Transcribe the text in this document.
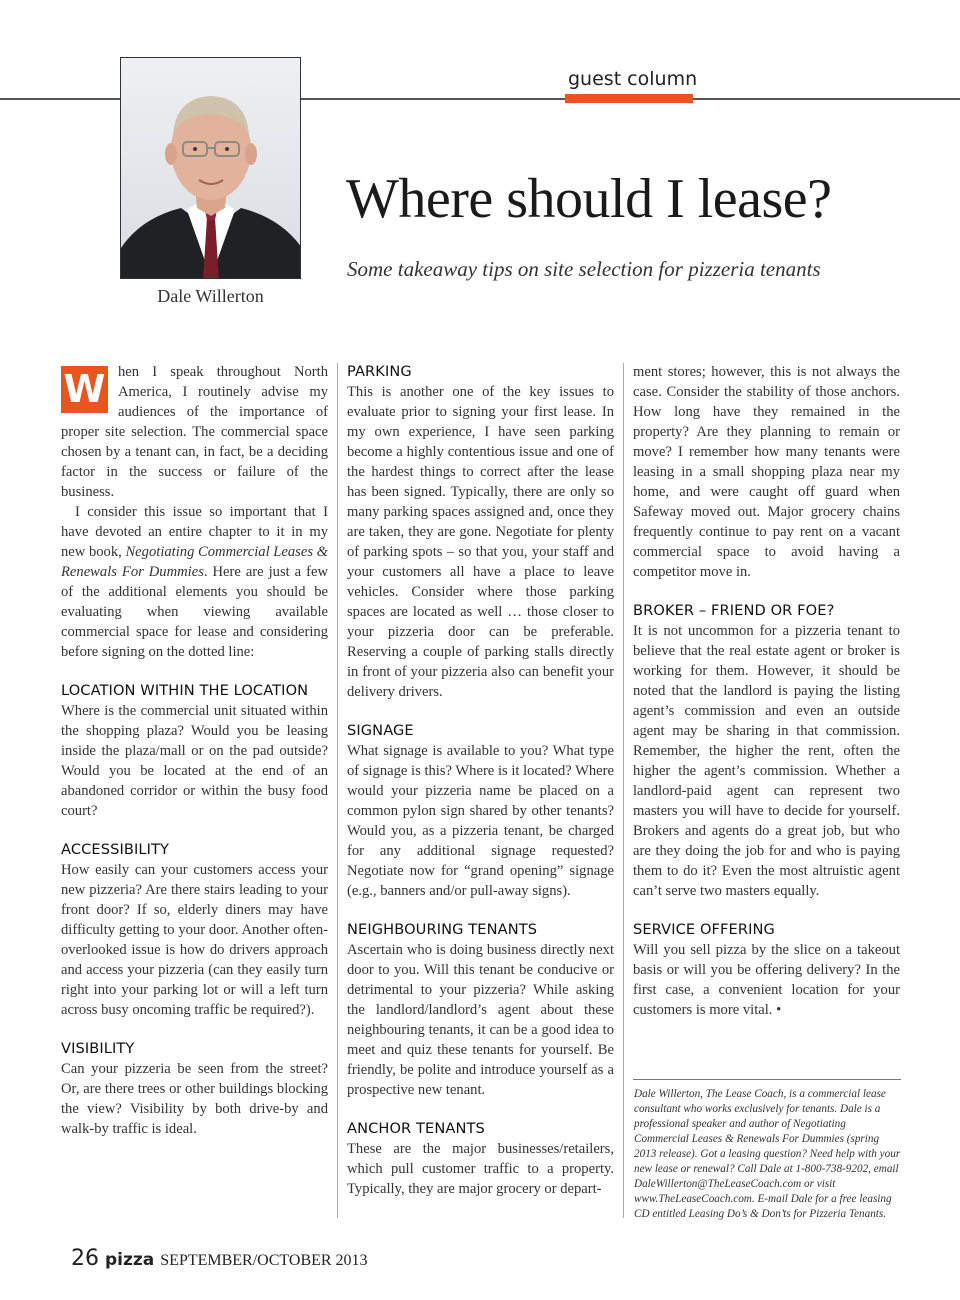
guest column
Dale Willerton
Where should I lease?
Some takeaway tips on site selection for pizzeria tenants

W hen I speak throughout North America, I routinely advise my audiences of the importance of proper site selection. The commercial space chosen by a tenant can, in fact, be a deciding factor in the success or failure of the business.

I consider this issue so important that I have devoted an entire chapter to it in my new book, Negotiating Commercial Leases & Renewals For Dummies. Here are just a few of the additional elements you should be evaluating when viewing available commercial space for lease and considering before signing on the dotted line:

LOCATION WITHIN THE LOCATION

Where is the commercial unit situated within the shopping plaza? Would you be leasing inside the plaza/mall or on the pad outside? Would you be located at the end of an abandoned corridor or within the busy food court?

ACCESSIBILITY

How easily can your customers access your new pizzeria? Are there stairs leading to your front door? If so, elderly diners may have difficulty getting to your door. Another often-overlooked issue is how do drivers approach and access your pizzeria (can they easily turn right into your parking lot or will a left turn across busy oncoming traffic be required?).

VISIBILITY

Can your pizzeria be seen from the street? Or, are there trees or other buildings blocking the view? Visibility by both drive-by and walk-by traffic is ideal.

PARKING

This is another one of the key issues to evaluate prior to signing your first lease. In my own experience, I have seen parking become a highly contentious issue and one of the hardest things to correct after the lease has been signed. Typically, there are only so many parking spaces assigned and, once they are taken, they are gone. Negotiate for plenty of parking spots – so that you, your staff and your customers all have a place to leave vehicles. Consider where those parking spaces are located as well … those closer to your pizzeria door can be preferable. Reserving a couple of parking stalls directly in front of your pizzeria also can benefit your delivery drivers.

SIGNAGE

What signage is available to you? What type of signage is this? Where is it located? Where would your pizzeria name be placed on a common pylon sign shared by other tenants? Would you, as a pizzeria tenant, be charged for any additional signage requested? Negotiate now for “grand opening” signage (e.g., banners and/or pull-away signs).

NEIGHBOURING TENANTS

Ascertain who is doing business directly next door to you. Will this tenant be conducive or detrimental to your pizzeria? While asking the landlord/landlord’s agent about these neighbouring tenants, it can be a good idea to meet and quiz these tenants for yourself. Be friendly, be polite and introduce yourself as a prospective new tenant.

ANCHOR TENANTS

These are the major businesses/retailers, which pull customer traffic to a property. Typically, they are major grocery or depart-

ment stores; however, this is not always the case. Consider the stability of those anchors. How long have they remained in the property? Are they planning to remain or move? I remember how many tenants were leasing in a small shopping plaza near my home, and were caught off guard when Safeway moved out. Major grocery chains frequently continue to pay rent on a vacant commercial space to avoid having a competitor move in.

BROKER – FRIEND OR FOE?

It is not uncommon for a pizzeria tenant to believe that the real estate agent or broker is working for them. However, it should be noted that the landlord is paying the listing agent’s commission and even an outside agent may be sharing in that commission. Remember, the higher the rent, often the higher the agent’s commission. Whether a landlord-paid agent can represent two masters you will have to decide for yourself. Brokers and agents do a great job, but who are they doing the job for and who is paying them to do it? Even the most altruistic agent can’t serve two masters equally.

SERVICE OFFERING

Will you sell pizza by the slice on a takeout basis or will you be offering delivery? In the first case, a convenient location for your customers is more vital. •

Dale Willerton, The Lease Coach, is a commercial lease consultant who works exclusively for tenants. Dale is a professional speaker and author of Negotiating Commercial Leases & Renewals For Dummies (spring 2013 release). Got a leasing question? Need help with your new lease or renewal? Call Dale at 1-800-738-9202, email DaleWillerton@TheLeaseCoach.com or visit www.TheLeaseCoach.com. E-mail Dale for a free leasing CD entitled Leasing Do’s & Don’ts for Pizzeria Tenants.
26 pizza SEPTEMBER/OCTOBER 2013
